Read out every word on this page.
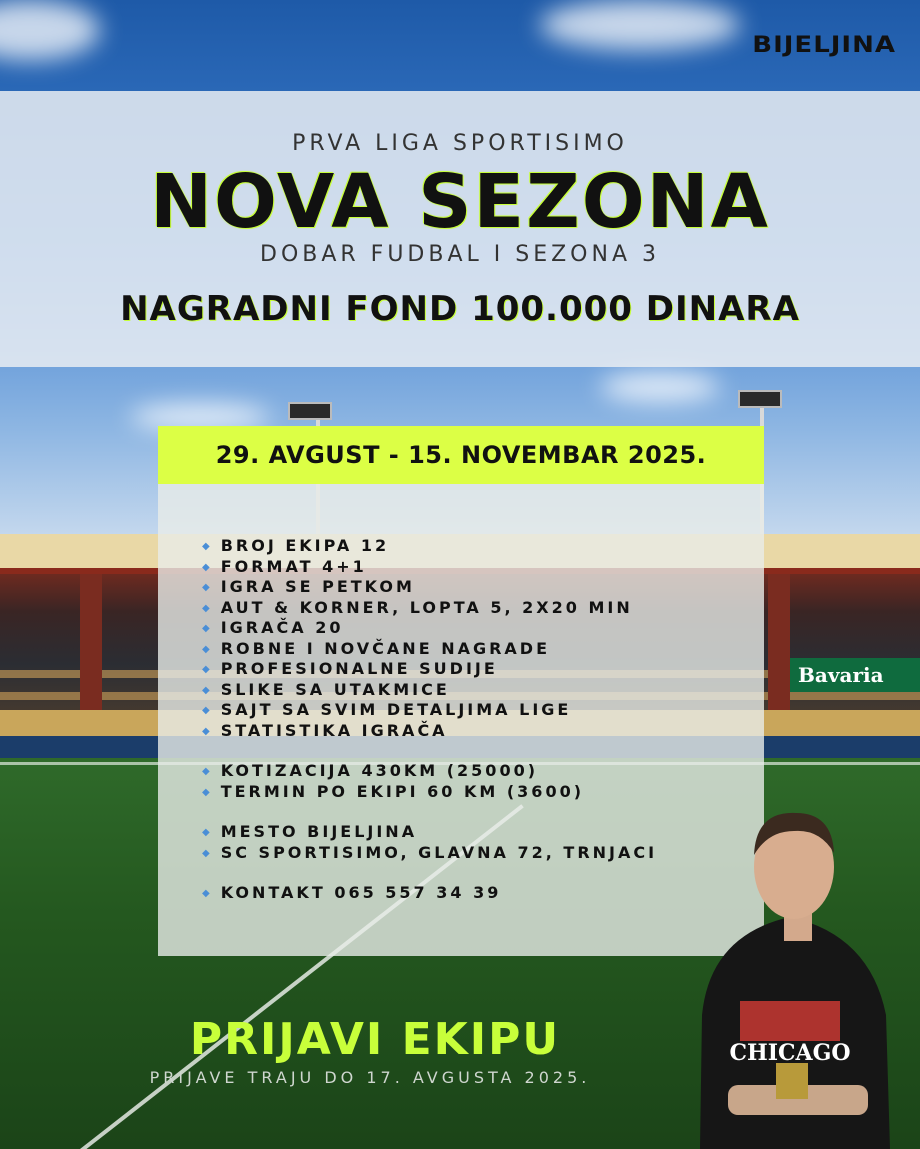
Bavaria
BIJELJINA
PRVA LIGA SPORTISIMO
NOVA SEZONA
DOBAR FUDBAL I SEZONA 3
NAGRADNI FOND 100.000 DINARA
29. AVGUST - 15. NOVEMBAR 2025.
◆ BROJ EKIPA 12
◆ FORMAT 4+1
◆ IGRA SE PETKOM
◆ AUT & KORNER, LOPTA 5, 2X20 MIN
◆ IGRAČA 20
◆ ROBNE I NOVČANE NAGRADE
◆ PROFESIONALNE SUDIJE
◆ SLIKE SA UTAKMICE
◆ SAJT SA SVIM DETALJIMA LIGE
◆ STATISTIKA IGRAČA
◆ KOTIZACIJA 430KM (25000)
◆ TERMIN PO EKIPI 60 KM (3600)
◆ MESTO BIJELJINA
◆ SC SPORTISIMO, GLAVNA 72, TRNJACI
◆ KONTAKT 065 557 34 39
PRIJAVI EKIPU
PRIJAVE TRAJU DO 17. AVGUSTA 2025.
CHICAGO
